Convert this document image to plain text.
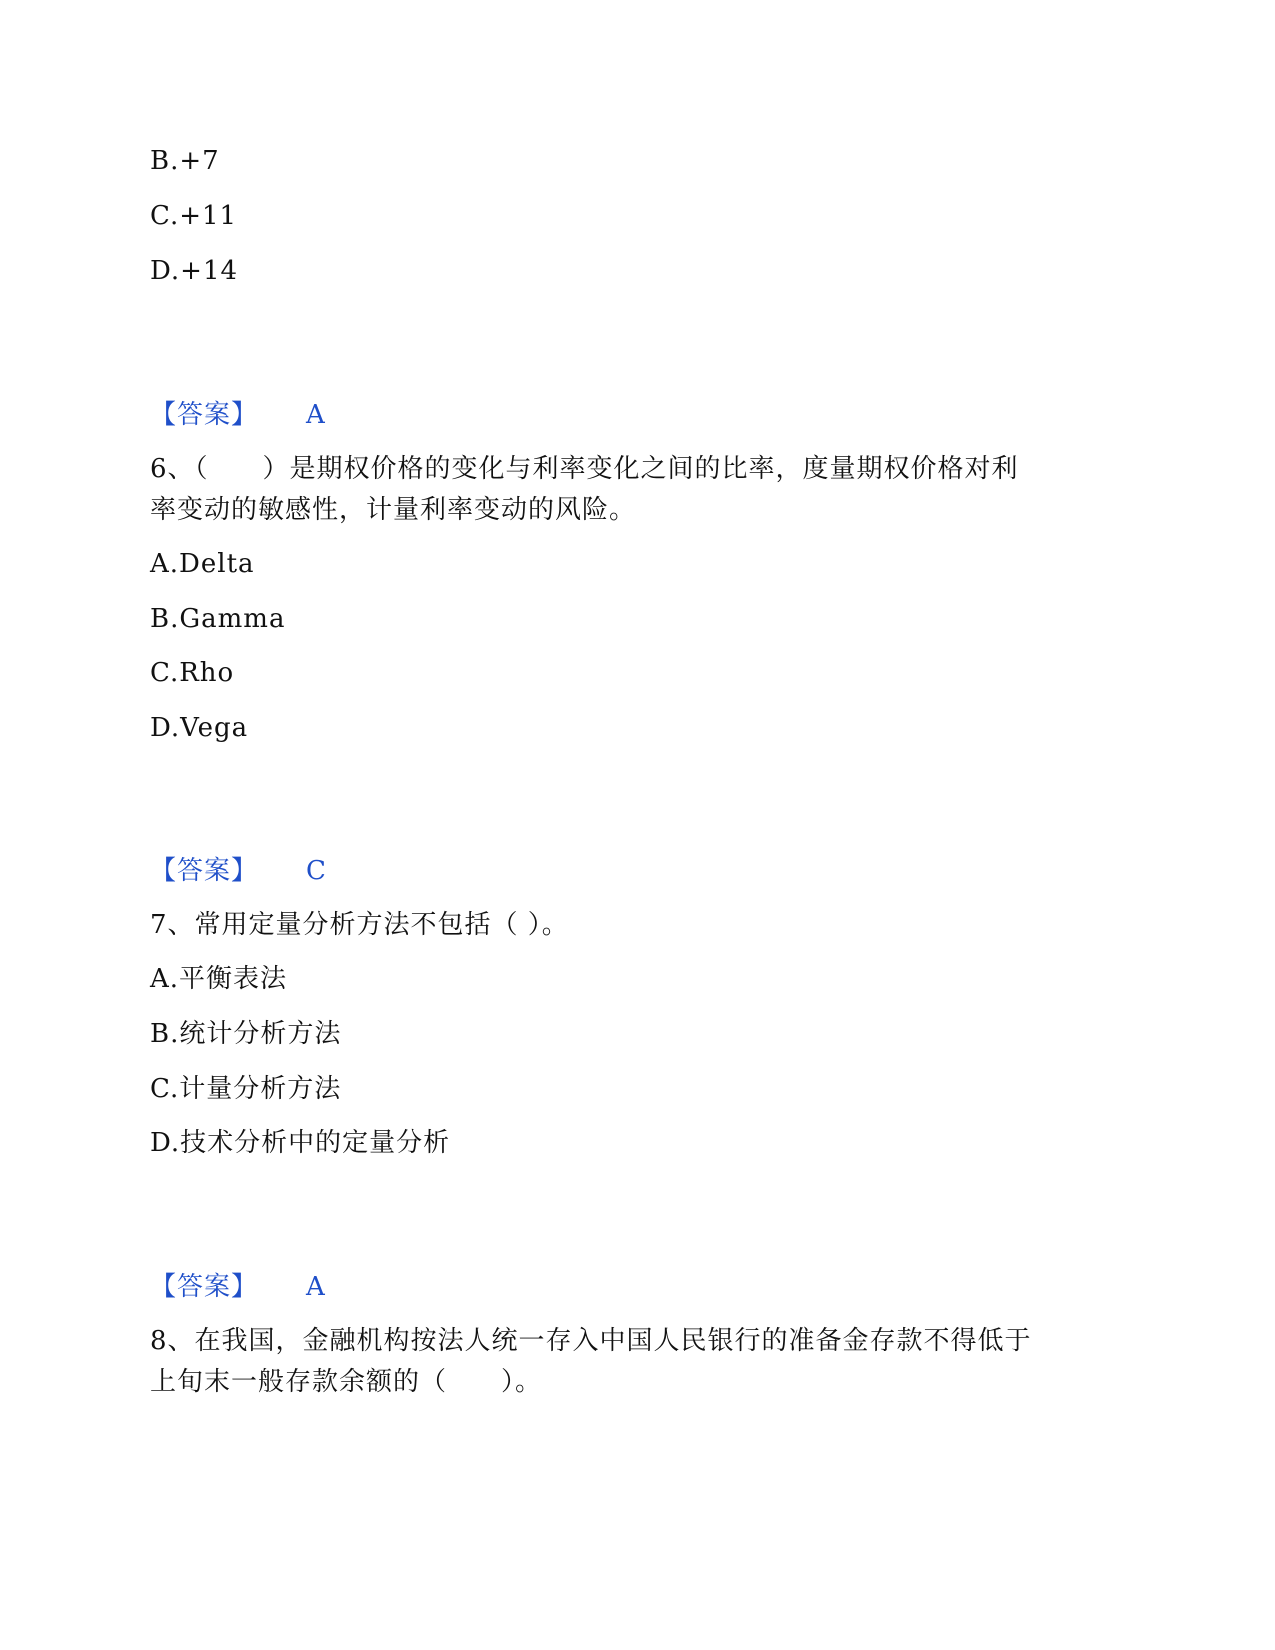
B.+7
C.+11
D.+14
【答案】 A
6、（　　）是期权价格的变化与利率变化之间的比率，度量期权价格对利
率变动的敏感性，计量利率变动的风险。
A.Delta
B.Gamma
C.Rho
D.Vega
【答案】 C
7、常用定量分析方法不包括（ ）。
A.平衡表法
B.统计分析方法
C.计量分析方法
D.技术分析中的定量分析
【答案】 A
8、在我国，金融机构按法人统一存入中国人民银行的准备金存款不得低于
上旬末一般存款余额的（　　）。
